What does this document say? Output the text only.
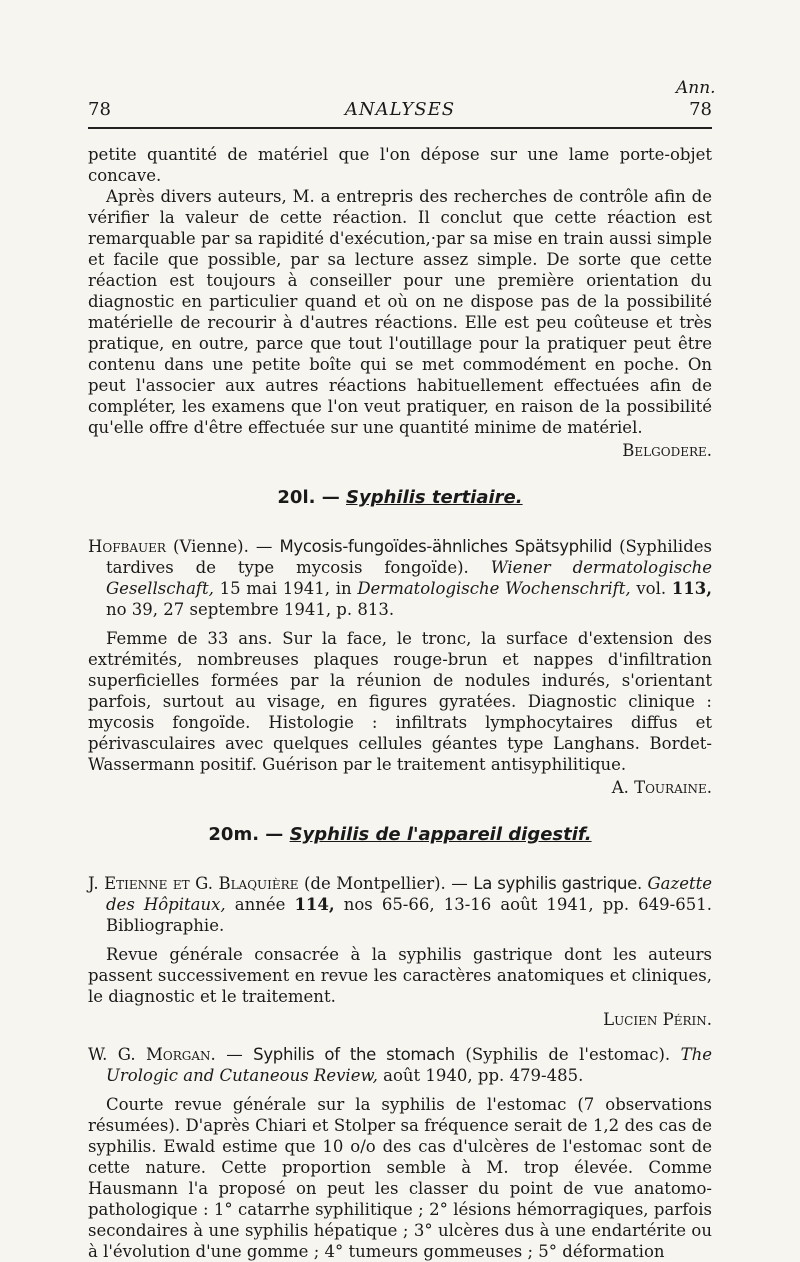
Ann.
78	ANALYSES	78

petite quantité de matériel que l'on dépose sur une lame porte-objet concave.

Après divers auteurs, M. a entrepris des recherches de contrôle afin de vérifier la valeur de cette réaction. Il conclut que cette réaction est remarquable par sa rapidité d'exécution,·par sa mise en train aussi simple et facile que possible, par sa lecture assez simple. De sorte que cette réaction est toujours à conseiller pour une première orientation du diagnostic en particulier quand et où on ne dispose pas de la possibilité matérielle de recourir à d'autres réactions. Elle est peu coûteuse et très pratique, en outre, parce que tout l'outillage pour la pratiquer peut être contenu dans une petite boîte qui se met commodément en poche. On peut l'associer aux autres réactions habituellement effectuées afin de compléter, les examens que l'on veut pratiquer, en raison de la possibilité qu'elle offre d'être effectuée sur une quantité minime de matériel.

Belgodere.
20l. — Syphilis tertiaire.
Hofbauer (Vienne). — Mycosis-fungoïdes-ähnliches Spätsyphilid (Syphilides tardives de type mycosis fongoïde). Wiener dermatologische Gesellschaft, 15 mai 1941, in Dermatologische Wochenschrift, vol. 113, no 39, 27 septembre 1941, p. 813.

Femme de 33 ans. Sur la face, le tronc, la surface d'extension des extrémités, nombreuses plaques rouge-brun et nappes d'infiltration superficielles formées par la réunion de nodules indurés, s'orientant parfois, surtout au visage, en figures gyratées. Diagnostic clinique : mycosis fongoïde. Histologie : infiltrats lymphocytaires diffus et périvasculaires avec quelques cellules géantes type Langhans. Bordet-Wassermann positif. Guérison par le traitement antisyphilitique.

A. Touraine.
20m. — Syphilis de l'appareil digestif.
J. Etienne et G. Blaquière (de Montpellier). — La syphilis gastrique. Gazette des Hôpitaux, année 114, nos 65-66, 13-16 août 1941, pp. 649-651. Bibliographie.

Revue générale consacrée à la syphilis gastrique dont les auteurs passent successivement en revue les caractères anatomiques et cliniques, le diagnostic et le traitement.

Lucien Périn.
W. G. Morgan. — Syphilis of the stomach (Syphilis de l'estomac). The Urologic and Cutaneous Review, août 1940, pp. 479-485.

Courte revue générale sur la syphilis de l'estomac (7 observations résumées). D'après Chiari et Stolper sa fréquence serait de 1,2 des cas de syphilis. Ewald estime que 10 o/o des cas d'ulcères de l'estomac sont de cette nature. Cette proportion semble à M. trop élevée. Comme Hausmann l'a proposé on peut les classer du point de vue anatomo-pathologique : 1° catarrhe syphilitique ; 2° lésions hémorragiques, parfois secondaires à une syphilis hépatique ; 3° ulcères dus à une endartérite ou à l'évolution d'une gomme ; 4° tumeurs gommeuses ; 5° déformation
